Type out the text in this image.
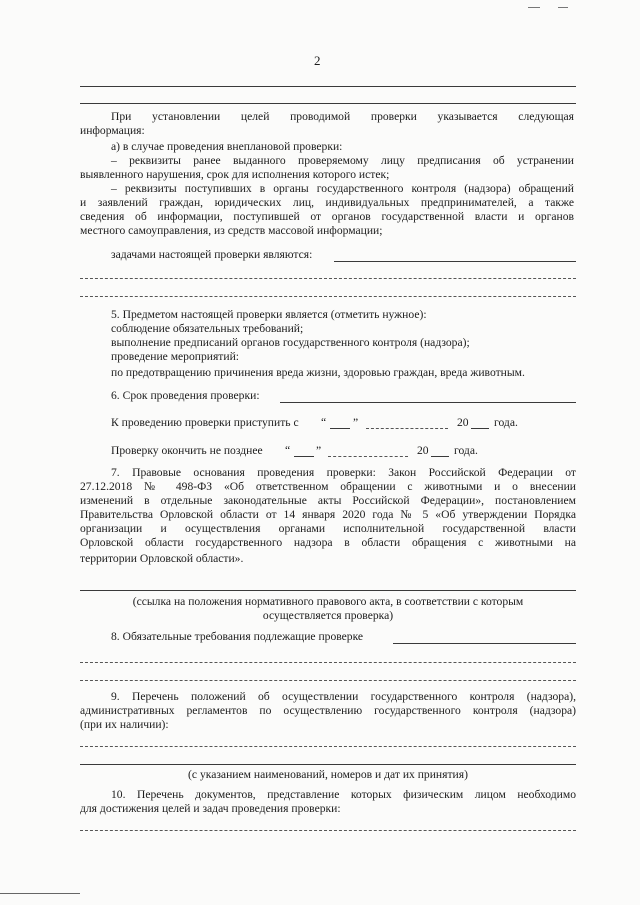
2
При установлении целей проводимой проверки указывается следующая
информация:
а) в случае проведения внеплановой проверки:
– реквизиты ранее выданного проверяемому лицу предписания об устранении
выявленного нарушения, срок для исполнения которого истек;
– реквизиты поступивших в органы государственного контроля (надзора) обращений
и заявлений граждан, юридических лиц, индивидуальных предпринимателей, а также
сведения об информации, поступившей от органов государственной власти и органов
местного самоуправления, из средств массовой информации;
задачами настоящей проверки являются:
5. Предметом настоящей проверки является (отметить нужное):
соблюдение обязательных требований;
выполнение предписаний органов государственного контроля (надзора);
проведение мероприятий:
по предотвращению причинения вреда жизни, здоровью граждан, вреда животным.
6. Срок проведения проверки:
К проведению проверки приступить с “ ”	20 года.
Проверку окончить не позднее “ ”	20 года.
7. Правовые основания проведения проверки: Закон Российской Федерации от
27.12.2018 № 498-ФЗ «Об ответственном обращении с животными и о внесении
изменений в отдельные законодательные акты Российской Федерации», постановлением
Правительства Орловской области от 14 января 2020 года № 5 «Об утверждении Порядка
организации и осуществления органами исполнительной государственной власти
Орловской области государственного надзора в области обращения с животными на
территории Орловской области».
(ссылка на положения нормативного правового акта, в соответствии с которым
осуществляется проверка)
8. Обязательные требования подлежащие проверке
9. Перечень положений об осуществлении государственного контроля (надзора),
административных регламентов по осуществлению государственного контроля (надзора)
(при их наличии):
(с указанием наименований, номеров и дат их принятия)
10. Перечень документов, представление которых физическим лицом необходимо
для достижения целей и задач проведения проверки:
